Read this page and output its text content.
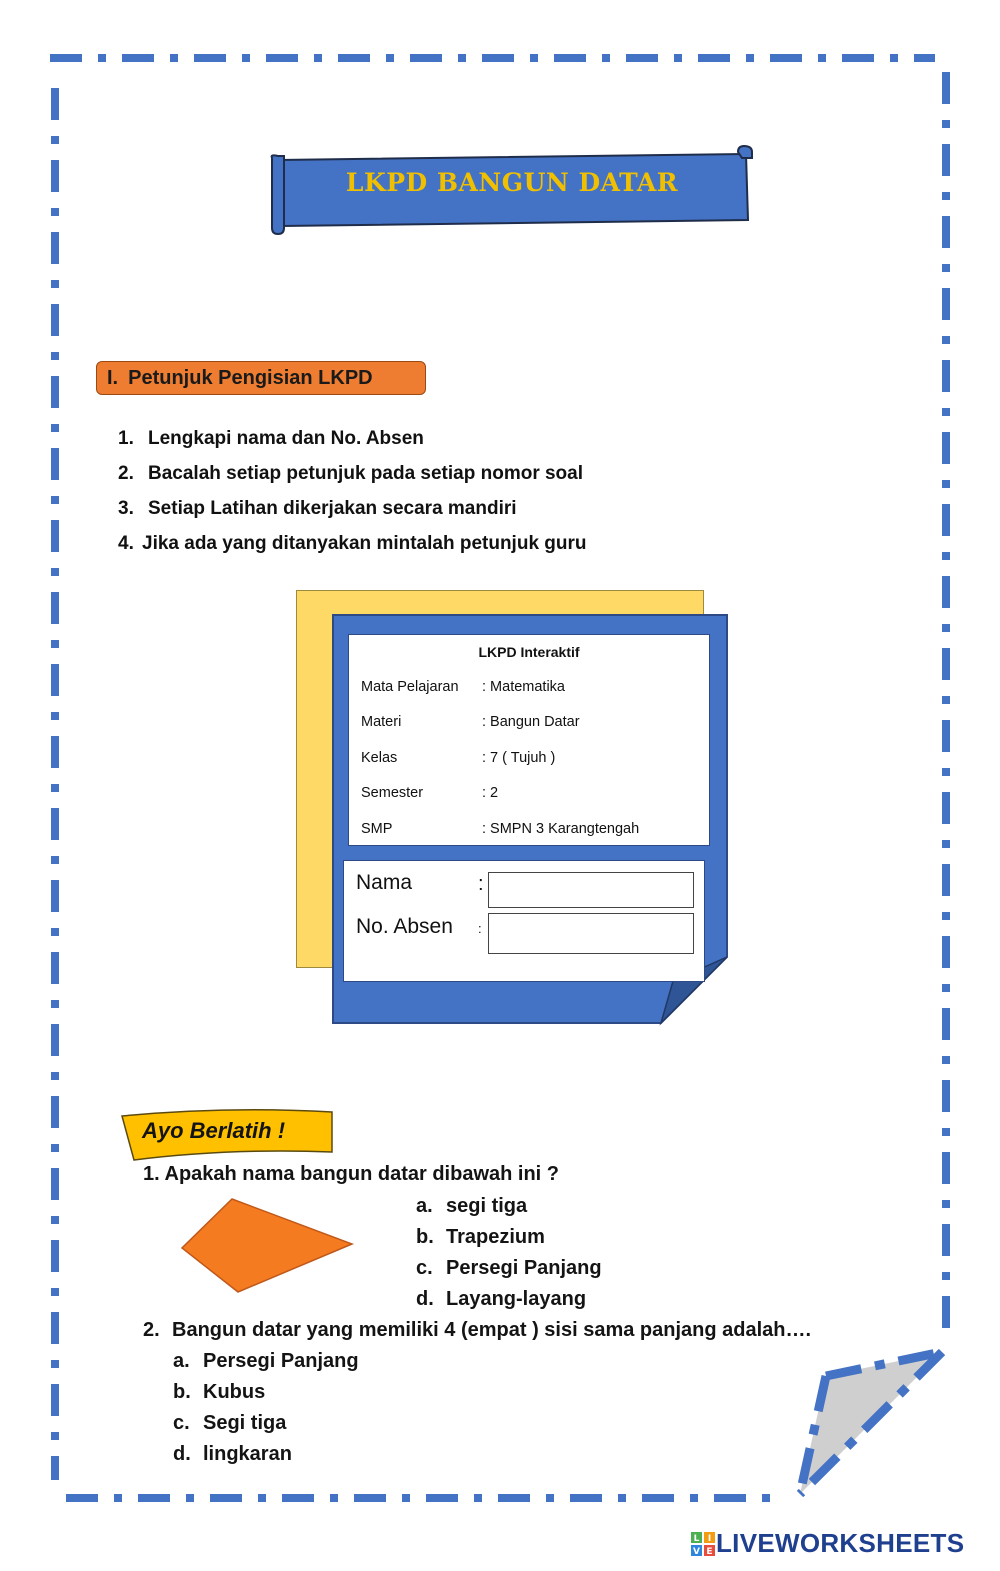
LKPD BANGUN DATAR
I. Petunjuk Pengisian LKPD
1. Lengkapi nama dan No. Absen
2. Bacalah setiap petunjuk pada setiap nomor soal
3. Setiap Latihan dikerjakan secara mandiri
4. Jika ada yang ditanyakan mintalah petunjuk guru
LKPD Interaktif
Mata Pelajaran	: Matematika
Materi	: Bangun Datar
Kelas	: 7 ( Tujuh )
Semester	: 2
SMP	: SMPN 3 Karangtengah
Nama	:
No. Absen :
Ayo Berlatih !
1. Apakah nama bangun datar dibawah ini ?
a. segi tiga
b. Trapezium
c. Persegi Panjang
d. Layang-layang
2. Bangun datar yang memiliki 4 (empat ) sisi sama panjang adalah….
a. Persegi Panjang
b. Kubus
c. Segi tiga
d. lingkaran
L I
V E LIVEWORKSHEETS
